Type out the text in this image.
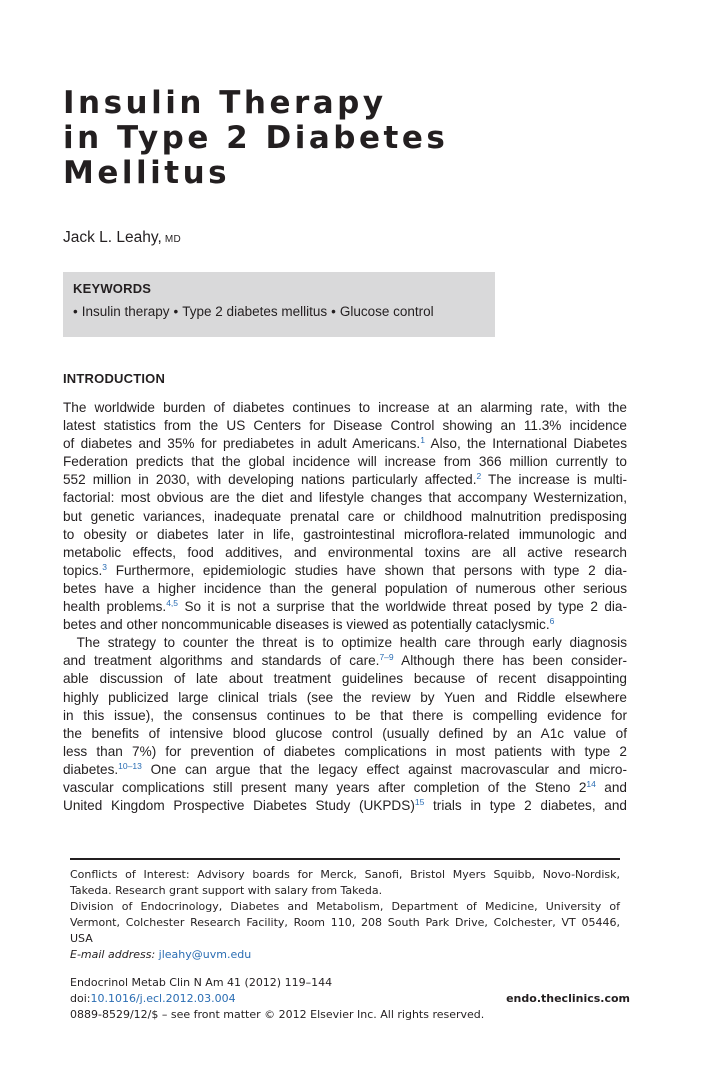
Insulin Therapy
in Type 2 Diabetes
Mellitus
Jack L. Leahy, MD
KEYWORDS
• Insulin therapy • Type 2 diabetes mellitus • Glucose control
INTRODUCTION
The worldwide burden of diabetes continues to increase at an alarming rate, with the
latest statistics from the US Centers for Disease Control showing an 11.3% incidence
of diabetes and 35% for prediabetes in adult Americans.$^1$ Also, the International Diabetes
Federation predicts that the global incidence will increase from 366 million currently to
552 million in 2030, with developing nations particularly affected.$^2$ The increase is multi-
factorial: most obvious are the diet and lifestyle changes that accompany Westernization,
but genetic variances, inadequate prenatal care or childhood malnutrition predisposing
to obesity or diabetes later in life, gastrointestinal microflora-related immunologic and
metabolic effects, food additives, and environmental toxins are all active research
topics.$^3$ Furthermore, epidemiologic studies have shown that persons with type 2 dia-
betes have a higher incidence than the general population of numerous other serious
health problems.$^{4,5}$ So it is not a surprise that the worldwide threat posed by type 2 dia-
betes and other noncommunicable diseases is viewed as potentially cataclysmic.$^6$
 The strategy to counter the threat is to optimize health care through early diagnosis
and treatment algorithms and standards of care.$^{7-9}$ Although there has been consider-
able discussion of late about treatment guidelines because of recent disappointing
highly publicized large clinical trials (see the review by Yuen and Riddle elsewhere
in this issue), the consensus continues to be that there is compelling evidence for
the benefits of intensive blood glucose control (usually defined by an A1c value of
less than 7%) for prevention of diabetes complications in most patients with type 2
diabetes.$^{10-13}$ One can argue that the legacy effect against macrovascular and micro-
vascular complications still present many years after completion of the Steno $2^{14}$ and
United Kingdom Prospective Diabetes Study (UKPDS)$^{15}$ trials in type 2 diabetes, and
Conflicts of Interest: Advisory boards for Merck, Sanofi, Bristol Myers Squibb, Novo-Nordisk,
Takeda. Research grant support with salary from Takeda.
Division of Endocrinology, Diabetes and Metabolism, Department of Medicine, University of
Vermont, Colchester Research Facility, Room 110, 208 South Park Drive, Colchester, VT 05446,
USA
E-mail address: jleahy@uvm.edu
Endocrinol Metab Clin N Am 41 (2012) 119–144
doi:10.1016/j.ecl.2012.03.004
0889-8529/12/$ – see front matter © 2012 Elsevier Inc. All rights reserved.
endo.theclinics.com
